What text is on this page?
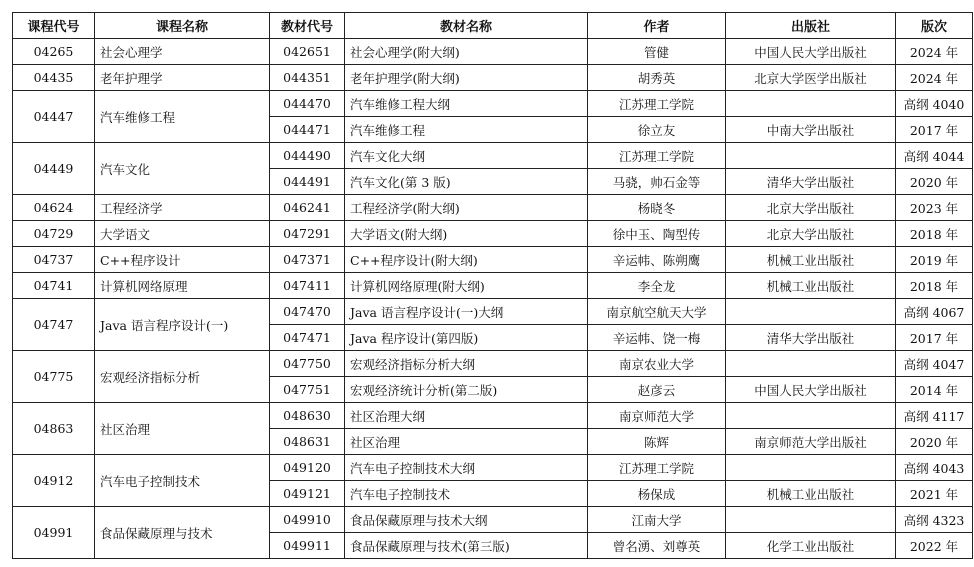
课程代号	课程名称	教材代号	教材名称	作者	出版社	版次
04265	社会心理学	042651	社会心理学(附大纲)	管健	中国人民大学出版社	2024 年
04435	老年护理学	044351	老年护理学(附大纲)	胡秀英	北京大学医学出版社	2024 年
04447	汽车维修工程	044470	汽车维修工程大纲	江苏理工学院		高纲 4040
		044471	汽车维修工程	徐立友	中南大学出版社	2017 年
04449	汽车文化	044490	汽车文化大纲	江苏理工学院		高纲 4044
		044491	汽车文化(第 3 版)	马骁，帅石金等	清华大学出版社	2020 年
04624	工程经济学	046241	工程经济学(附大纲)	杨晓冬	北京大学出版社	2023 年
04729	大学语文	047291	大学语文(附大纲)	徐中玉、陶型传	北京大学出版社	2018 年
04737	C++程序设计	047371	C++程序设计(附大纲)	辛运帏、陈朔鹰	机械工业出版社	2019 年
04741	计算机网络原理	047411	计算机网络原理(附大纲)	李全龙	机械工业出版社	2018 年
04747	Java 语言程序设计(一)	047470	Java 语言程序设计(一)大纲	南京航空航天大学		高纲 4067
		047471	Java 程序设计(第四版)	辛运帏、饶一梅	清华大学出版社	2017 年
04775	宏观经济指标分析	047750	宏观经济指标分析大纲	南京农业大学		高纲 4047
		047751	宏观经济统计分析(第二版)	赵彦云	中国人民大学出版社	2014 年
04863	社区治理	048630	社区治理大纲	南京师范大学		高纲 4117
		048631	社区治理	陈辉	南京师范大学出版社	2020 年
04912	汽车电子控制技术	049120	汽车电子控制技术大纲	江苏理工学院		高纲 4043
		049121	汽车电子控制技术	杨保成	机械工业出版社	2021 年
04991	食品保藏原理与技术	049910	食品保藏原理与技术大纲	江南大学		高纲 4323
		049911	食品保藏原理与技术(第三版)	曾名湧、刘尊英	化学工业出版社	2022 年
